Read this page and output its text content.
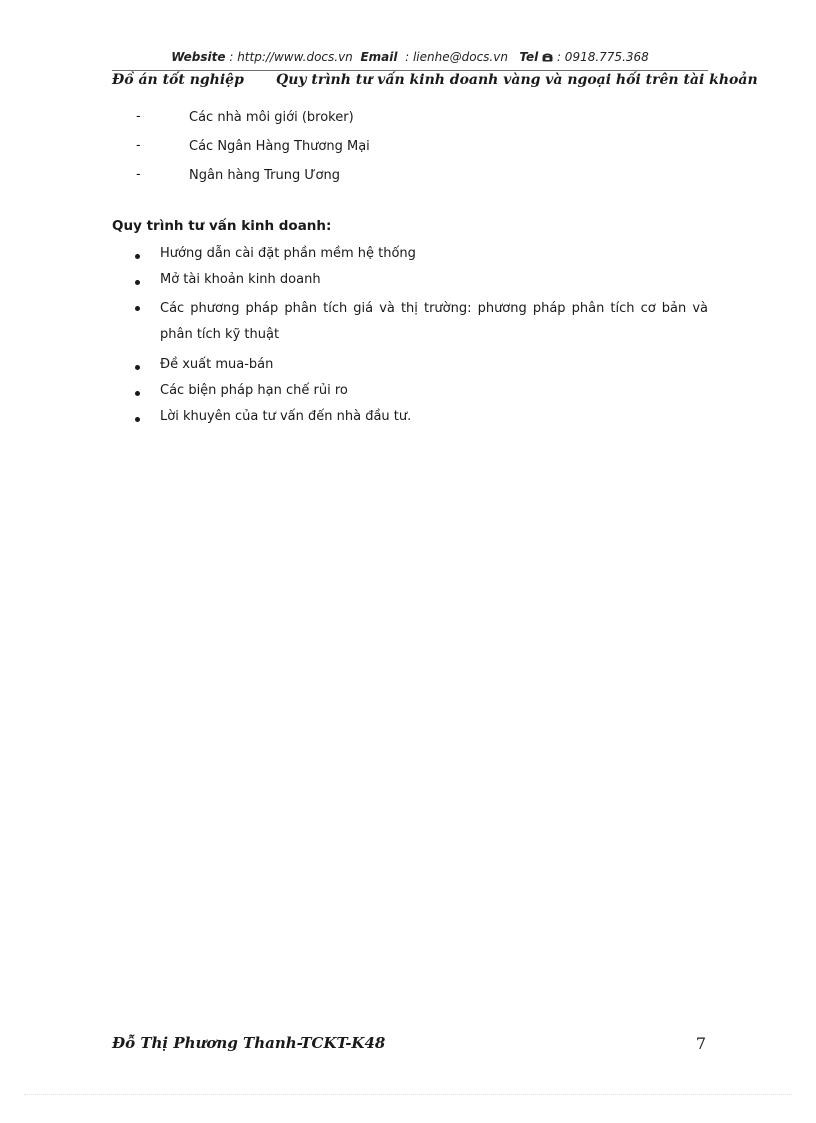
Website : http://www.docs.vn Email : lienhe@docs.vn Tel : 0918.775.368
Đồ án tốt nghiệp Quy trình tư vấn kinh doanh vàng và ngoại hối trên tài khoản
-	Các nhà môi giới (broker)
-	Các Ngân Hàng Thương Mại
-	Ngân hàng Trung Ương
Quy trình tư vấn kinh doanh:
Hướng dẫn cài đặt phần mềm hệ thống
Mở tài khoản kinh doanh
Các phương pháp phân tích giá và thị trường: phương pháp phân tích cơ bản và phân tích kỹ thuật
Đề xuất mua-bán
Các biện pháp hạn chế rủi ro
Lời khuyên của tư vấn đến nhà đầu tư.
Đỗ Thị Phương Thanh-TCKT-K48	7
